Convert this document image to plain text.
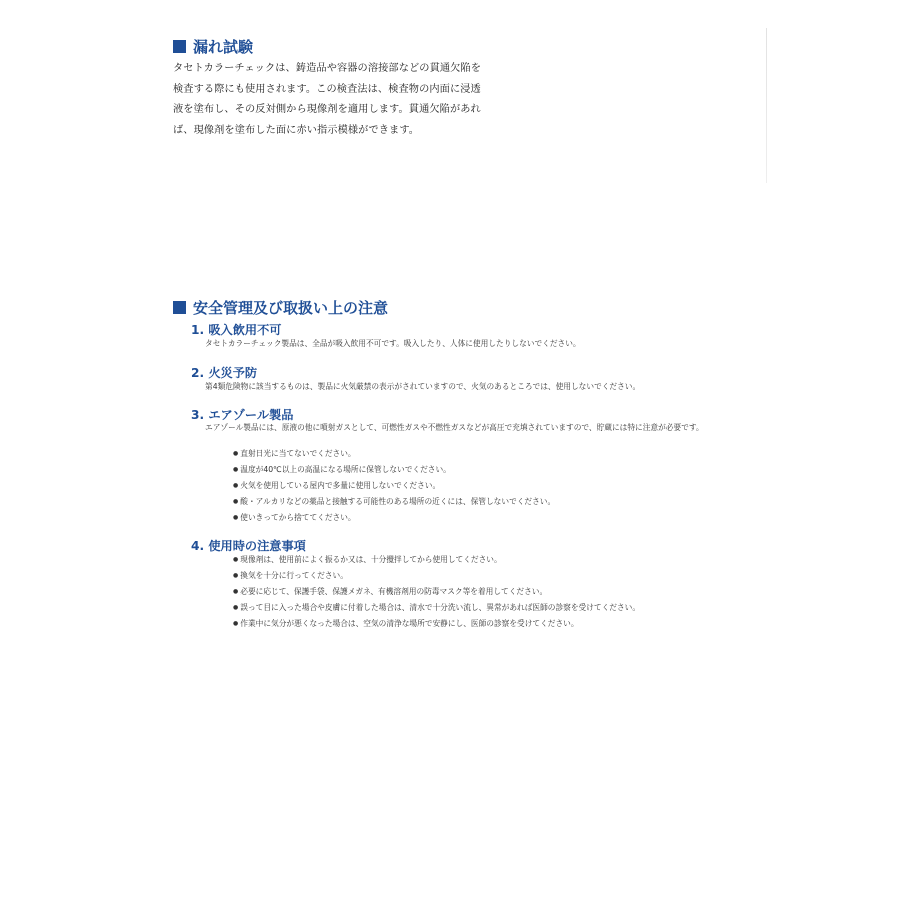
漏れ試験

タセトカラーチェックは、鋳造品や容器の溶接部などの貫通欠陥を検査する際にも使用されます。この検査法は、検査物の内面に浸透液を塗布し、その反対側から現像剤を適用します。貫通欠陥があれば、現像剤を塗布した面に赤い指示模様ができます。

安全管理及び取扱い上の注意
1. 吸入飲用不可

タセトカラーチェック製品は、全品が吸入飲用不可です。吸入したり、人体に使用したりしないでください。

2. 火災予防

第4類危険物に該当するものは、製品に火気厳禁の表示がされていますので、火気のあるところでは、使用しないでください。

3. エアゾール製品

エアゾール製品には、原液の他に噴射ガスとして、可燃性ガスや不燃性ガスなどが高圧で充填されていますので、貯蔵には特に注意が必要です。

● 直射日光に当てないでください。
● 温度が40℃以上の高温になる場所に保管しないでください。
● 火気を使用している屋内で多量に使用しないでください。
● 酸・アルカリなどの薬品と接触する可能性のある場所の近くには、保管しないでください。
● 使いきってから捨ててください。
4. 使用時の注意事項
● 現像剤は、使用前によく振るか又は、十分攪拌してから使用してください。
● 換気を十分に行ってください。
● 必要に応じて、保護手袋、保護メガネ、有機溶剤用の防毒マスク等を着用してください。
● 誤って目に入った場合や皮膚に付着した場合は、清水で十分洗い流し、異常があれば医師の診察を受けてください。
● 作業中に気分が悪くなった場合は、空気の清浄な場所で安静にし、医師の診察を受けてください。
